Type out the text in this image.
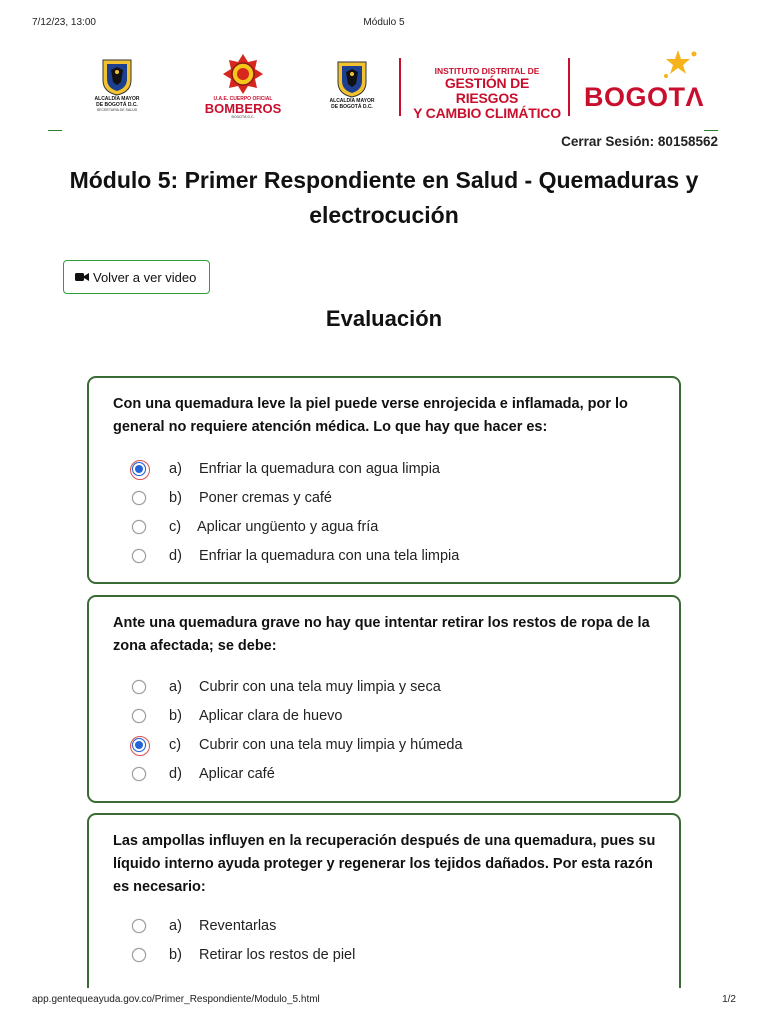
7/12/23, 13:00	Módulo 5
ALCALDÍA MAYOR
DE BOGOTÁ D.C.
SECRETARÍA DE SALUD
U.A.E. CUERPO OFICIAL
BOMBEROS
BOGOTÁ D.C.
ALCALDÍA MAYOR
DE BOGOTÁ D.C.
INSTITUTO DISTRITAL DE
GESTIÓN DE RIESGOS
Y CAMBIO CLIMÁTICO
BOGOTΛ
Cerrar Sesión: 80158562
Módulo 5: Primer Respondiente en Salud - Quemaduras y electrocución
Volver a ver video
Evaluación
Con una quemadura leve la piel puede verse enrojecida e inflamada, por lo general no requiere atención médica. Lo que hay que hacer es:
a)	Enfriar la quemadura con agua limpia
b)	Poner cremas y café
c)	Aplicar ungüento y agua fría
d)	Enfriar la quemadura con una tela limpia
Ante una quemadura grave no hay que intentar retirar los restos de ropa de la zona afectada; se debe:
a)	Cubrir con una tela muy limpia y seca
b)	Aplicar clara de huevo
c)	Cubrir con una tela muy limpia y húmeda
d)	Aplicar café
Las ampollas influyen en la recuperación después de una quemadura, pues su líquido interno ayuda proteger y regenerar los tejidos dañados. Por esta razón es necesario:
a)	Reventarlas
b)	Retirar los restos de piel
app.gentequeayuda.gov.co/Primer_Respondiente/Modulo_5.html	1/2
